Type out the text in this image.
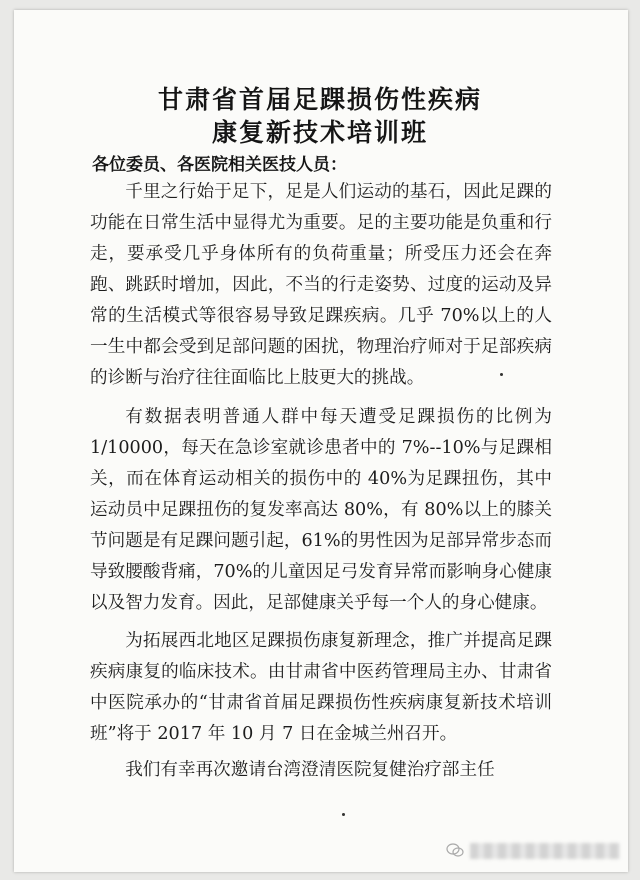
甘肃省首届足踝损伤性疾病
康复新技术培训班
各位委员、各医院相关医技人员：

千里之行始于足下，足是人们运动的基石，因此足踝的功能在日常生活中显得尤为重要。足的主要功能是负重和行走，要承受几乎身体所有的负荷重量；所受压力还会在奔跑、跳跃时增加，因此，不当的行走姿势、过度的运动及异常的生活模式等很容易导致足踝疾病。几乎 70%以上的人一生中都会受到足部问题的困扰，物理治疗师对于足部疾病的诊断与治疗往往面临比上肢更大的挑战。

有数据表明普通人群中每天遭受足踝损伤的比例为 1/10000，每天在急诊室就诊患者中的 7%--10%与足踝相关，而在体育运动相关的损伤中的 40%为足踝扭伤，其中运动员中足踝扭伤的复发率高达 80%，有 80%以上的膝关节问题是有足踝问题引起，61%的男性因为足部异常步态而导致腰酸背痛，70%的儿童因足弓发育异常而影响身心健康以及智力发育。因此，足部健康关乎每一个人的身心健康。

为拓展西北地区足踝损伤康复新理念，推广并提高足踝疾病康复的临床技术。由甘肃省中医药管理局主办、甘肃省中医院承办的“甘肃省首届足踝损伤性疾病康复新技术培训班”将于 2017 年 10 月 7 日在金城兰州召开。

我们有幸再次邀请台湾澄清医院复健治疗部主任
